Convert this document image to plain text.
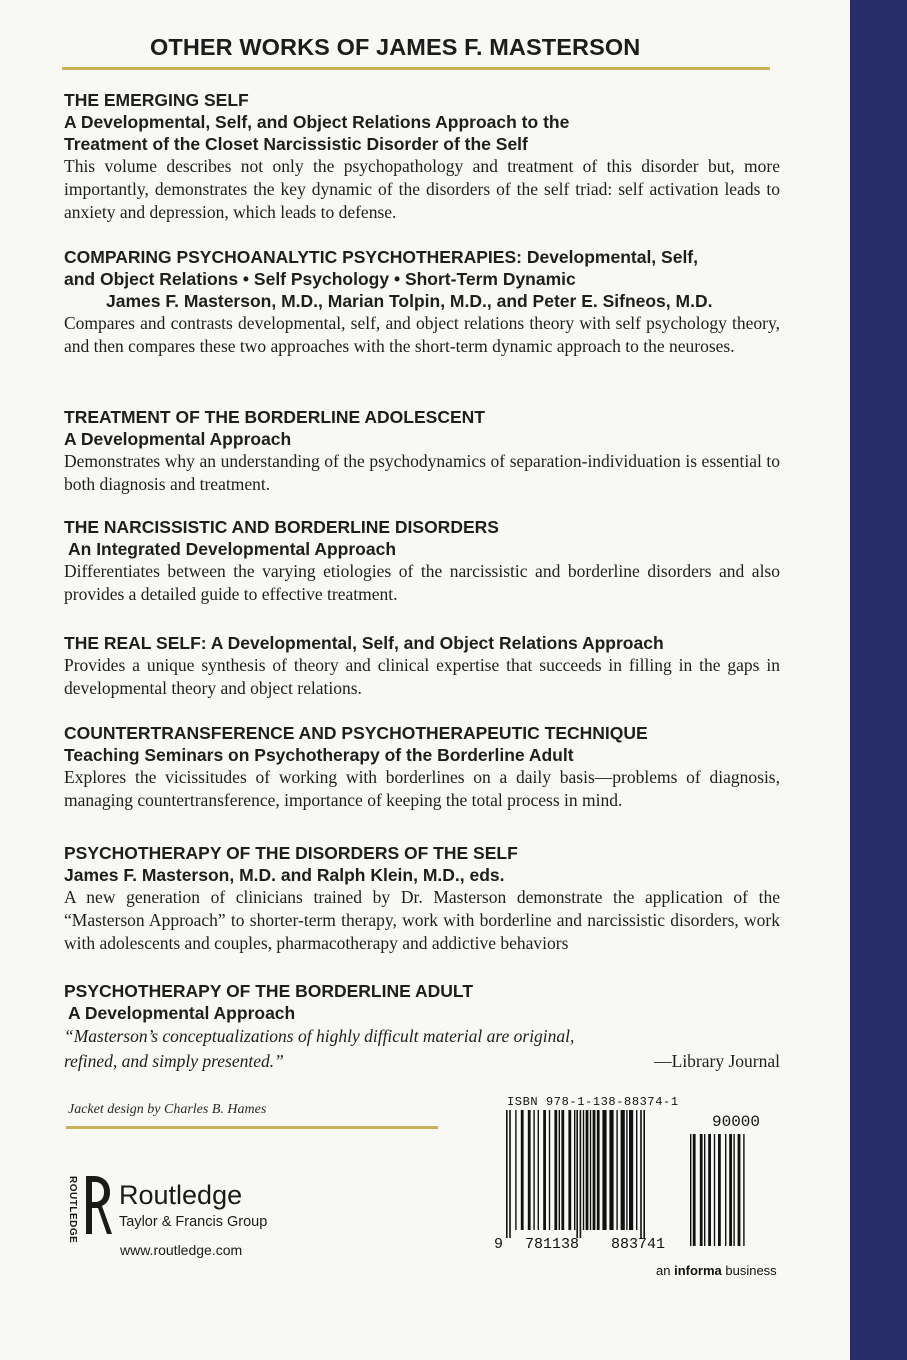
OTHER WORKS OF JAMES F. MASTERSON
THE EMERGING SELF
A Developmental, Self, and Object Relations Approach to the
Treatment of the Closet Narcissistic Disorder of the Self
This volume describes not only the psychopathology and treatment of this disorder but, more importantly, demonstrates the key dynamic of the disorders of the self triad: self activation leads to anxiety and depression, which leads to defense.
COMPARING PSYCHOANALYTIC PSYCHOTHERAPIES: Developmental, Self,
and Object Relations • Self Psychology • Short-Term Dynamic
James F. Masterson, M.D., Marian Tolpin, M.D., and Peter E. Sifneos, M.D.
Compares and contrasts developmental, self, and object relations theory with self psychology theory, and then compares these two approaches with the short-term dynamic approach to the neuroses.
TREATMENT OF THE BORDERLINE ADOLESCENT
A Developmental Approach
Demonstrates why an understanding of the psychodynamics of separation-individuation is essential to both diagnosis and treatment.
THE NARCISSISTIC AND BORDERLINE DISORDERS
An Integrated Developmental Approach
Differentiates between the varying etiologies of the narcissistic and borderline disorders and also provides a detailed guide to effective treatment.
THE REAL SELF: A Developmental, Self, and Object Relations Approach
Provides a unique synthesis of theory and clinical expertise that succeeds in filling in the gaps in developmental theory and object relations.
COUNTERTRANSFERENCE AND PSYCHOTHERAPEUTIC TECHNIQUE
Teaching Seminars on Psychotherapy of the Borderline Adult
Explores the vicissitudes of working with borderlines on a daily basis—problems of diagnosis, managing countertransference, importance of keeping the total process in mind.
PSYCHOTHERAPY OF THE DISORDERS OF THE SELF
James F. Masterson, M.D. and Ralph Klein, M.D., eds.
A new generation of clinicians trained by Dr. Masterson demonstrate the application of the “Masterson Approach” to shorter-term therapy, work with borderline and narcissistic disorders, work with adolescents and couples, pharmacotherapy and addictive behaviors
PSYCHOTHERAPY OF THE BORDERLINE ADULT
A Developmental Approach
“Masterson’s conceptualizations of highly difficult material are original, refined, and simply presented.”	—Library Journal
Jacket design by Charles B. Hames
ROUTLEDGE Routledge
Taylor & Francis Group
www.routledge.com
ISBN 978-1-138-88374-1
9 781138 883741
90000
an informa business
